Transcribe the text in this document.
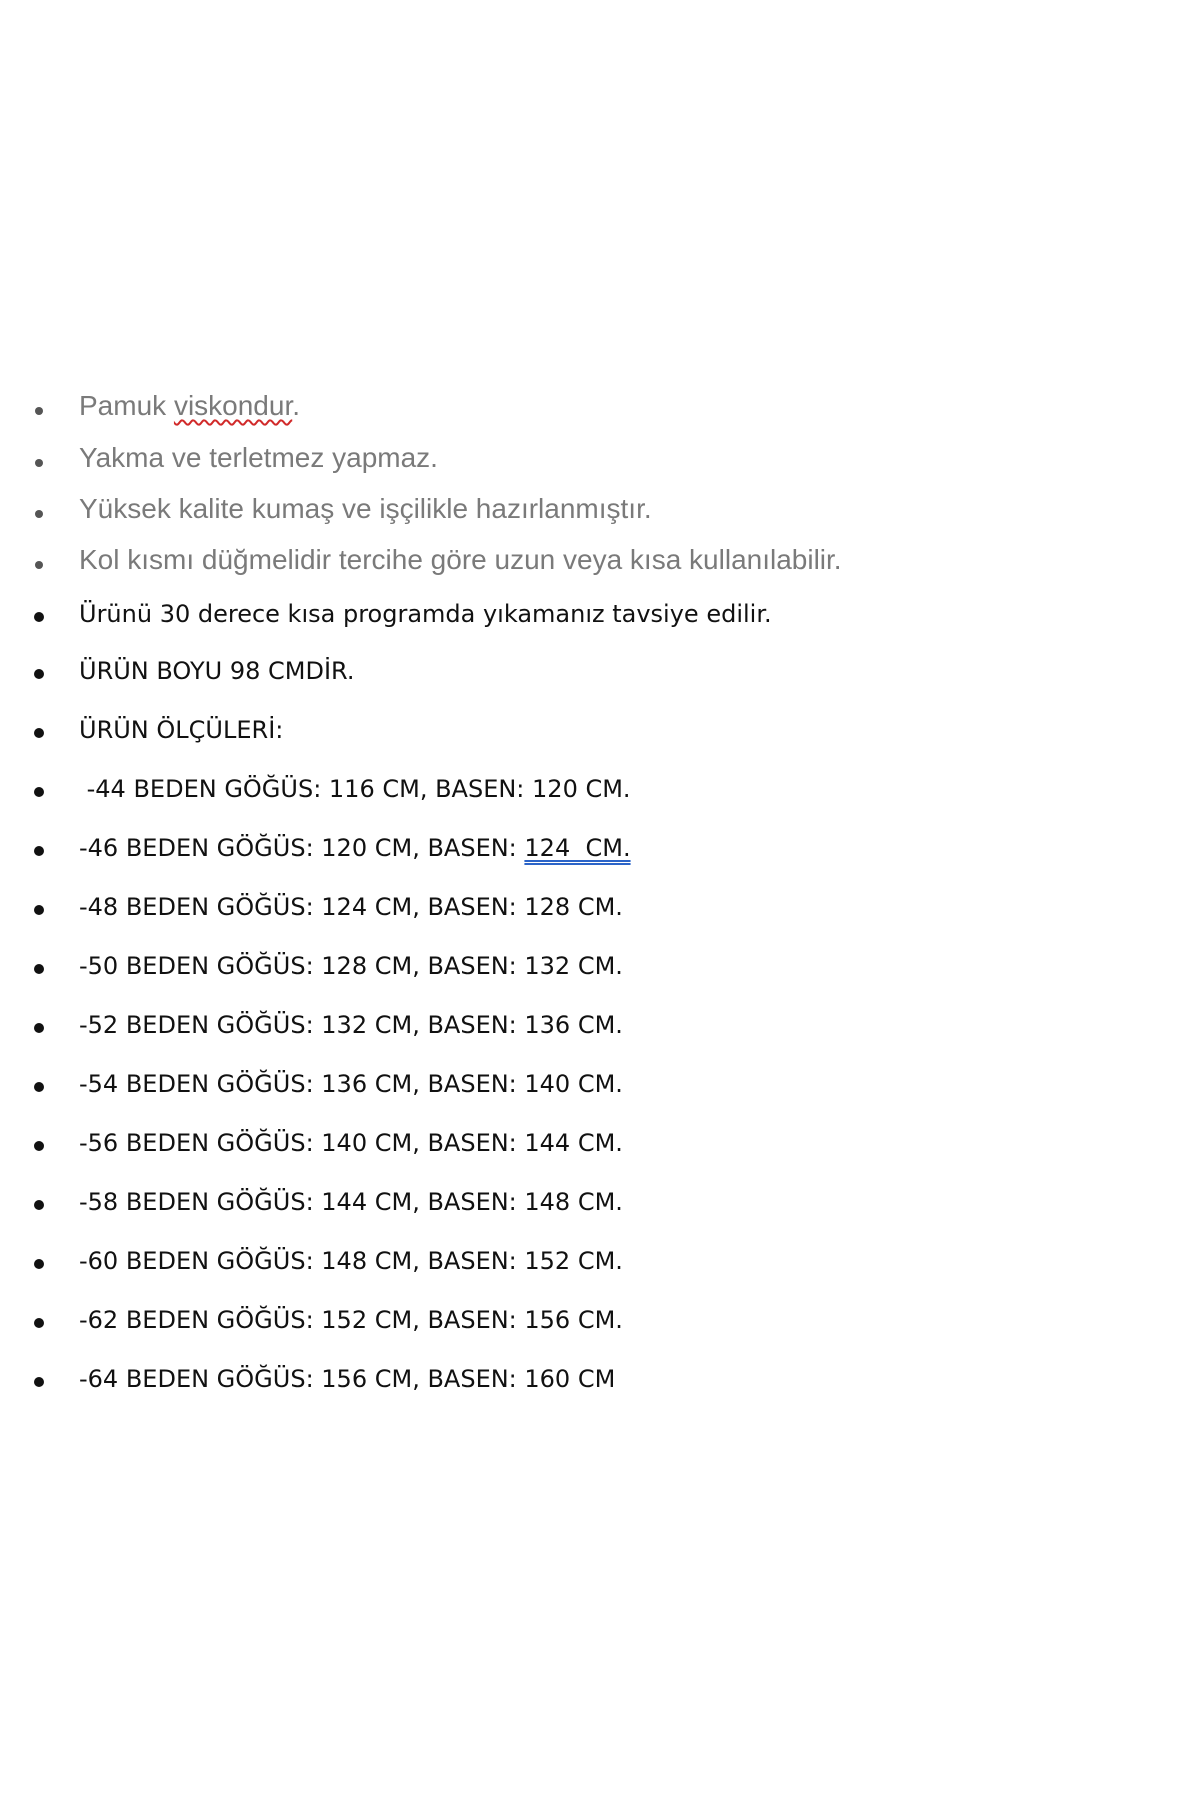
Pamuk viskondur.
Yakma ve terletmez yapmaz.
Yüksek kalite kumaş ve işçilikle hazırlanmıştır.
Kol kısmı düğmelidir tercihe göre uzun veya kısa kullanılabilir.
Ürünü 30 derece kısa programda yıkamanız tavsiye edilir.
ÜRÜN BOYU 98 CMDİR.
ÜRÜN ÖLÇÜLERİ:
-44 BEDEN GÖĞÜS: 116 CM, BASEN: 120 CM.
-46 BEDEN GÖĞÜS: 120 CM, BASEN: 124  CM.
-48 BEDEN GÖĞÜS: 124 CM, BASEN: 128 CM.
-50 BEDEN GÖĞÜS: 128 CM, BASEN: 132 CM.
-52 BEDEN GÖĞÜS: 132 CM, BASEN: 136 CM.
-54 BEDEN GÖĞÜS: 136 CM, BASEN: 140 CM.
-56 BEDEN GÖĞÜS: 140 CM, BASEN: 144 CM.
-58 BEDEN GÖĞÜS: 144 CM, BASEN: 148 CM.
-60 BEDEN GÖĞÜS: 148 CM, BASEN: 152 CM.
-62 BEDEN GÖĞÜS: 152 CM, BASEN: 156 CM.
-64 BEDEN GÖĞÜS: 156 CM, BASEN: 160 CM
